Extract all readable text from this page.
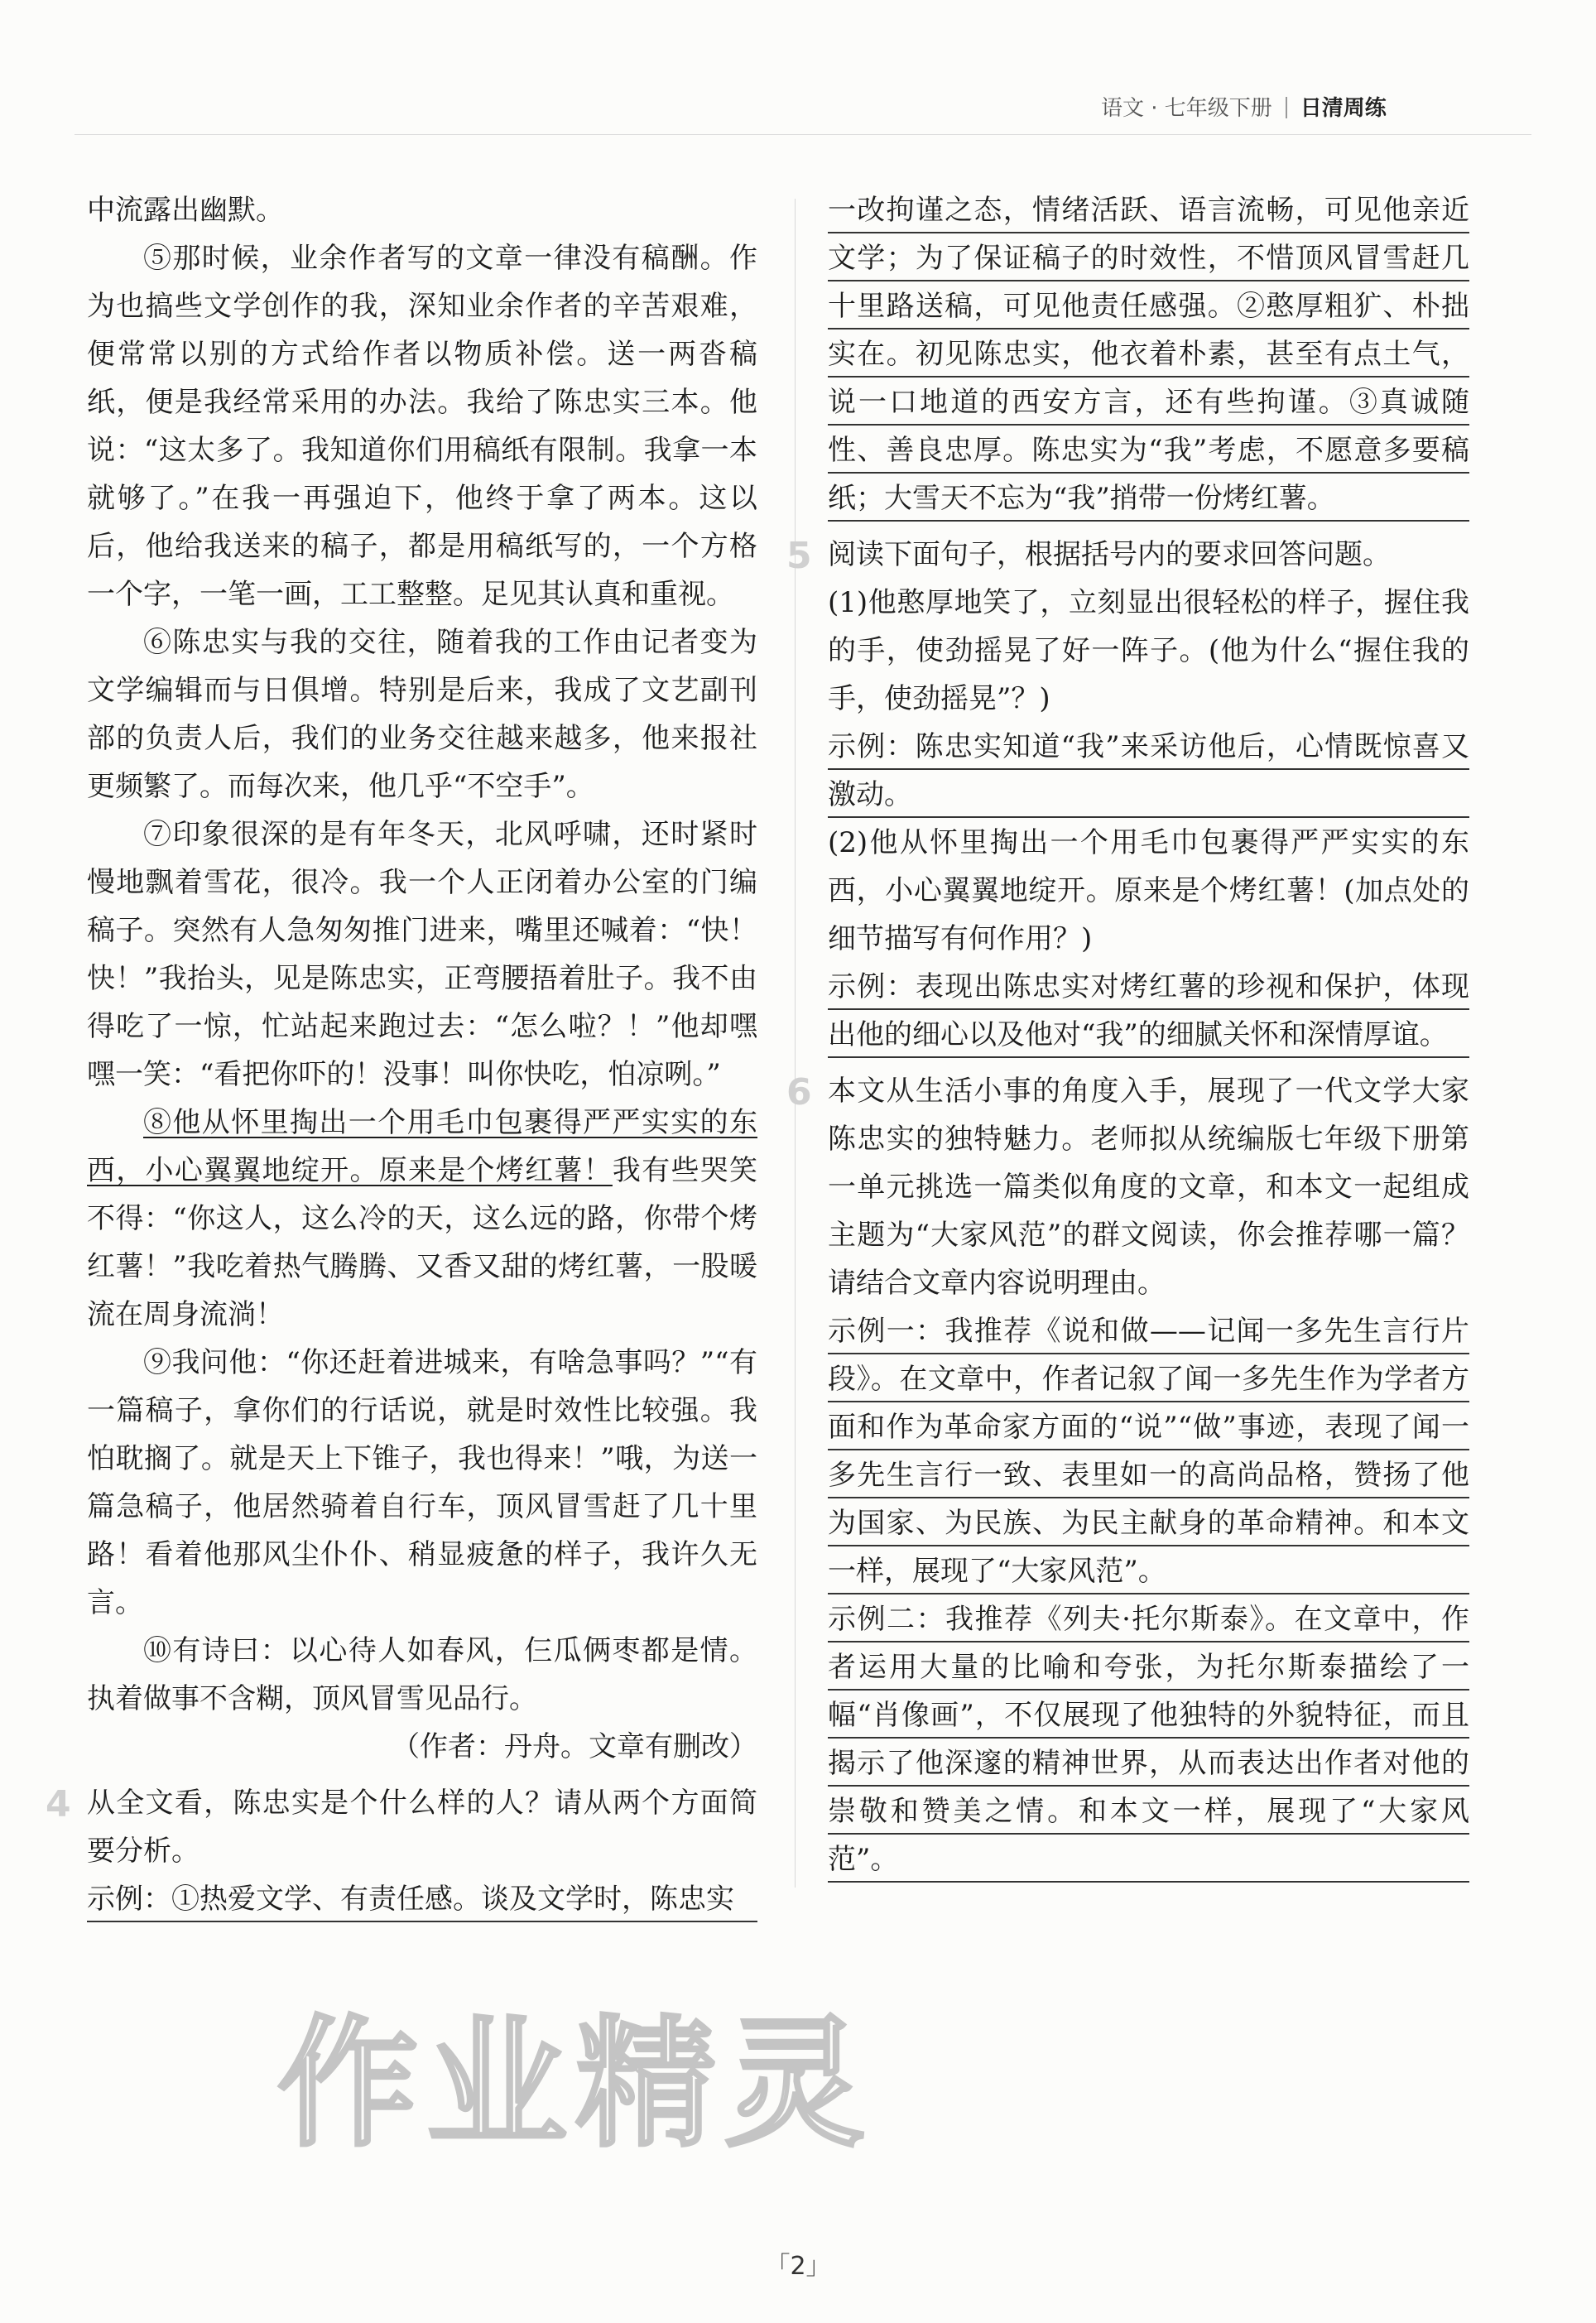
语文 · 七年级下册 日清周练

中流露出幽默。

⑤那时候，业余作者写的文章一律没有稿酬。作为也搞些文学创作的我，深知业余作者的辛苦艰难，便常常以别的方式给作者以物质补偿。送一两沓稿纸，便是我经常采用的办法。我给了陈忠实三本。他说：“这太多了。我知道你们用稿纸有限制。我拿一本就够了。”在我一再强迫下，他终于拿了两本。这以后，他给我送来的稿子，都是用稿纸写的，一个方格一个字，一笔一画，工工整整。足见其认真和重视。

⑥陈忠实与我的交往，随着我的工作由记者变为文学编辑而与日俱增。特别是后来，我成了文艺副刊部的负责人后，我们的业务交往越来越多，他来报社更频繁了。而每次来，他几乎“不空手”。

⑦印象很深的是有年冬天，北风呼啸，还时紧时慢地飘着雪花，很冷。我一个人正闭着办公室的门编稿子。突然有人急匆匆推门进来，嘴里还喊着：“快！快！”我抬头，见是陈忠实，正弯腰捂着肚子。我不由得吃了一惊，忙站起来跑过去：“怎么啦？！”他却嘿嘿一笑：“看把你吓的！没事！叫你快吃，怕凉咧。”

⑧他从怀里掏出一个用毛巾包裹得严严实实的东西，小心翼翼地绽开。原来是个烤红薯！我有些哭笑不得：“你这人，这么冷的天，这么远的路，你带个烤红薯！”我吃着热气腾腾、又香又甜的烤红薯，一股暖流在周身流淌！

⑨我问他：“你还赶着进城来，有啥急事吗？”“有一篇稿子，拿你们的行话说，就是时效性比较强。我怕耽搁了。就是天上下锥子，我也得来！”哦，为送一篇急稿子，他居然骑着自行车，顶风冒雪赶了几十里路！看着他那风尘仆仆、稍显疲惫的样子，我许久无言。

⑩有诗曰：以心待人如春风，仨瓜俩枣都是情。执着做事不含糊，顶风冒雪见品行。

（作者：丹舟。文章有删改）

4 从全文看，陈忠实是个什么样的人？请从两个方面简要分析。

示例：①热爱文学、有责任感。谈及文学时，陈忠实

一改拘谨之态，情绪活跃、语言流畅，可见他亲近文学；为了保证稿子的时效性，不惜顶风冒雪赶几十里路送稿，可见他责任感强。②憨厚粗犷、朴拙实在。初见陈忠实，他衣着朴素，甚至有点土气，说一口地道的西安方言，还有些拘谨。③真诚随性、善良忠厚。陈忠实为“我”考虑，不愿意多要稿纸；大雪天不忘为“我”捎带一份烤红薯。

5 阅读下面句子，根据括号内的要求回答问题。

(1)他憨厚地笑了，立刻显出很轻松的样子，握住我的手，使劲摇晃了好一阵子。(他为什么“握住我的手，使劲摇晃”？)

示例：陈忠实知道“我”来采访他后，心情既惊喜又激动。

(2)他从怀里掏出一个用毛巾包裹得严严实实的东西，小心翼翼地绽开。原来是个烤红薯！(加点处的细节描写有何作用？)

示例：表现出陈忠实对烤红薯的珍视和保护，体现出他的细心以及他对“我”的细腻关怀和深情厚谊。

6 本文从生活小事的角度入手，展现了一代文学大家陈忠实的独特魅力。老师拟从统编版七年级下册第一单元挑选一篇类似角度的文章，和本文一起组成主题为“大家风范”的群文阅读，你会推荐哪一篇？请结合文章内容说明理由。

示例一：我推荐《说和做——记闻一多先生言行片段》。在文章中，作者记叙了闻一多先生作为学者方面和作为革命家方面的“说”“做”事迹，表现了闻一多先生言行一致、表里如一的高尚品格，赞扬了他为国家、为民族、为民主献身的革命精神。和本文一样，展现了“大家风范”。

示例二：我推荐《列夫·托尔斯泰》。在文章中，作者运用大量的比喻和夸张，为托尔斯泰描绘了一幅“肖像画”，不仅展现了他独特的外貌特征，而且揭示了他深邃的精神世界，从而表达出作者对他的崇敬和赞美之情。和本文一样，展现了“大家风范”。

作业精灵
「2」
